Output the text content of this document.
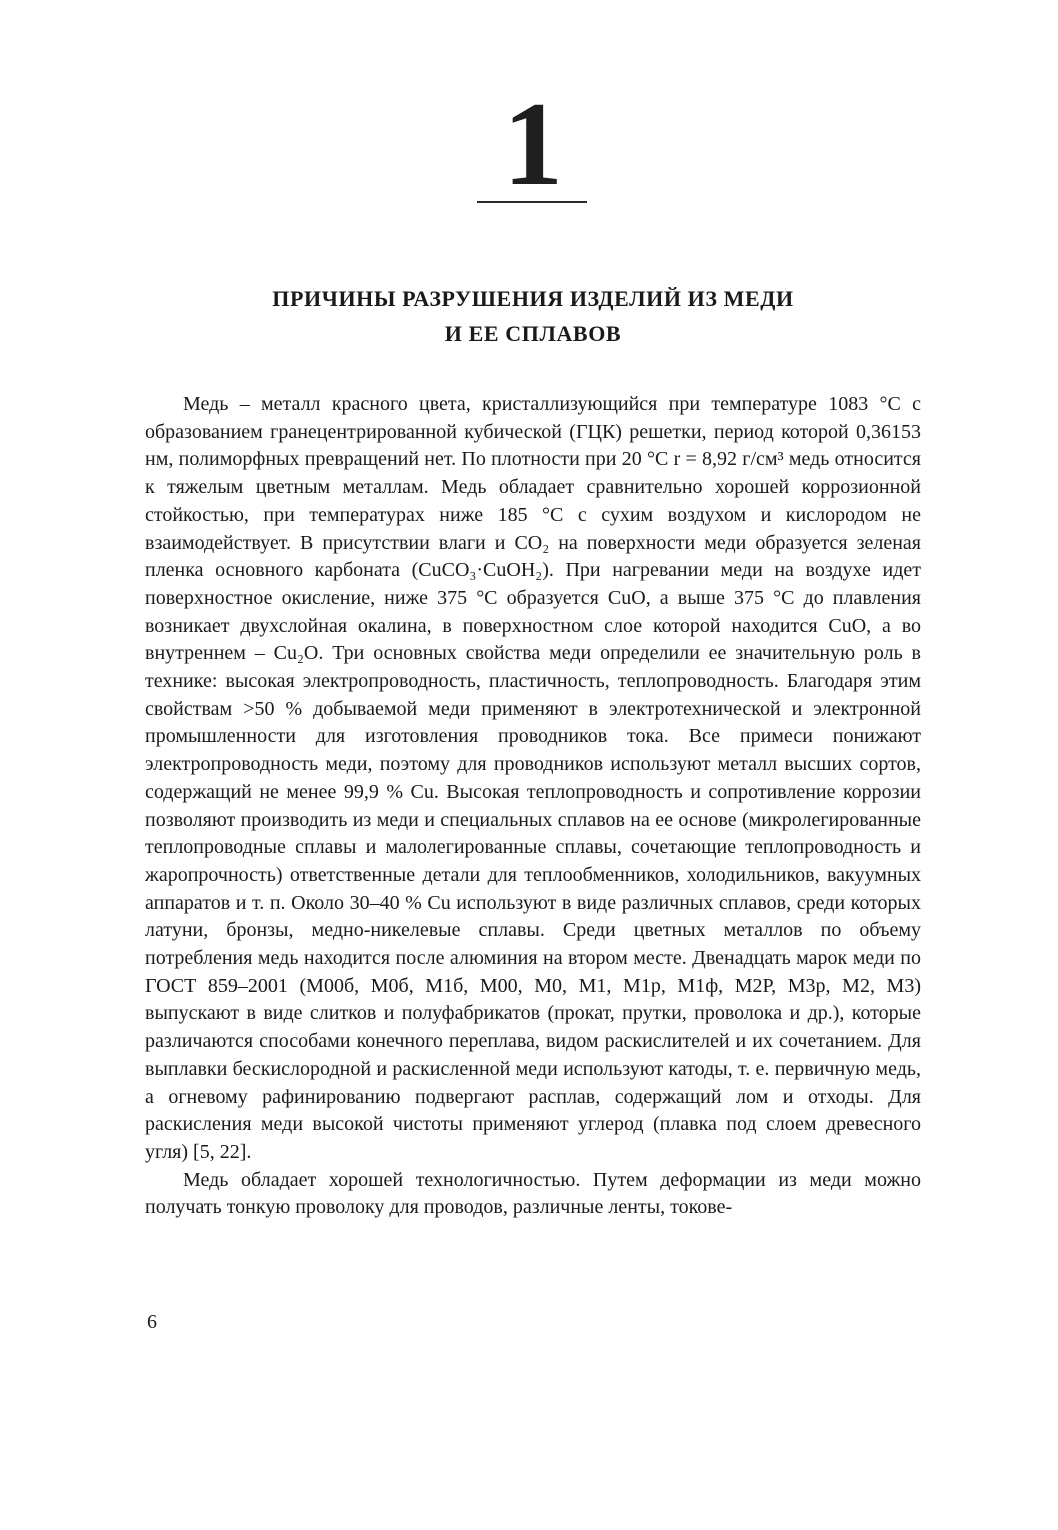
1
ПРИЧИНЫ РАЗРУШЕНИЯ ИЗДЕЛИЙ ИЗ МЕДИ
И ЕЕ СПЛАВОВ

Медь – металл красного цвета, кристаллизующийся при температуре 1083 °С с образованием гранецентрированной кубической (ГЦК) решетки, период которой 0,36153 нм, полиморфных превращений нет. По плотности при 20 °С r = 8,92 г/см³ медь относится к тяжелым цветным металлам. Медь обладает сравнительно хорошей коррозионной стойкостью, при температурах ниже 185 °С с сухим воздухом и кислородом не взаимодействует. В присутствии влаги и СО₂ на поверхности меди образуется зеленая пленка основного карбоната (CuCO₃·CuOH₂). При нагревании меди на воздухе идет поверхностное окисление, ниже 375 °С образуется CuO, а выше 375 °С до плавления возникает двухслойная окалина, в поверхностном слое которой находится CuO, а во внутреннем – Cu₂O. Три основных свойства меди определили ее значительную роль в технике: высокая электропроводность, пластичность, теплопроводность. Благодаря этим свойствам >50 % добываемой меди применяют в электротехнической и электронной промышленности для изготовления проводников тока. Все примеси понижают электропроводность меди, поэтому для проводников используют металл высших сортов, содержащий не менее 99,9 % Cu. Высокая теплопроводность и сопротивление коррозии позволяют производить из меди и специальных сплавов на ее основе (микролегированные теплопроводные сплавы и малолегированные сплавы, сочетающие теплопроводность и жаропрочность) ответственные детали для теплообменников, холодильников, вакуумных аппаратов и т. п. Около 30–40 % Cu используют в виде различных сплавов, среди которых латуни, бронзы, медно-никелевые сплавы. Среди цветных металлов по объему потребления медь находится после алюминия на втором месте. Двенадцать марок меди по ГОСТ 859–2001 (М00б, М0б, М1б, М00, М0, М1, М1р, М1ф, М2Р, М3р, М2, М3) выпускают в виде слитков и полуфабрикатов (прокат, прутки, проволока и др.), которые различаются способами конечного переплава, видом раскислителей и их сочетанием. Для выплавки бескислородной и раскисленной меди используют катоды, т. е. первичную медь, а огневому рафинированию подвергают расплав, содержащий лом и отходы. Для раскисления меди высокой чистоты применяют углерод (плавка под слоем древесного угля) [5, 22].

Медь обладает хорошей технологичностью. Путем деформации из меди можно получать тонкую проволоку для проводов, различные ленты, токове-

6
